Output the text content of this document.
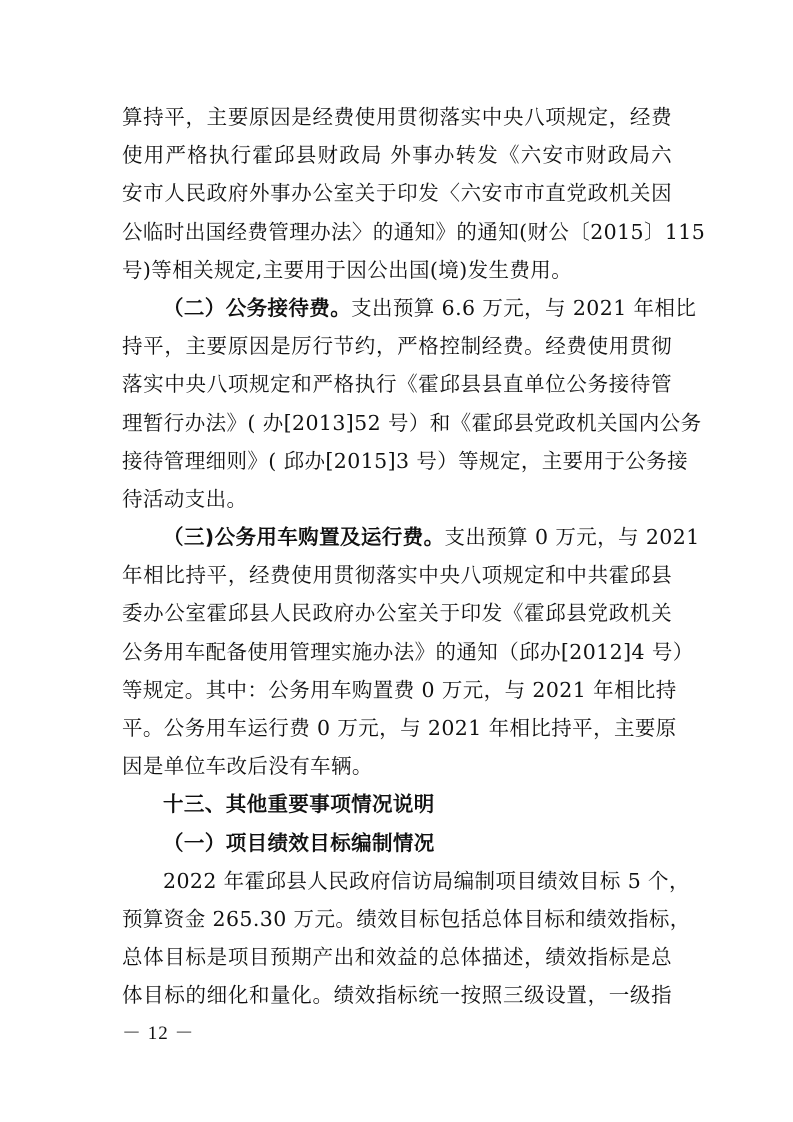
算持平，主要原因是经费使用贯彻落实中央八项规定，经费
使用严格执行霍邱县财政局 外事办转发《六安市财政局六
安市人民政府外事办公室关于印发〈六安市市直党政机关因
公临时出国经费管理办法〉的通知》的通知(财公〔2015〕115
号)等相关规定,主要用于因公出国(境)发生费用。
（二）公务接待费。支出预算 6.6 万元，与 2021 年相比
持平，主要原因是厉行节约，严格控制经费。经费使用贯彻
落实中央八项规定和严格执行《霍邱县县直单位公务接待管
理暂行办法》( 办[2013]52 号）和《霍邱县党政机关国内公务
接待管理细则》( 邱办[2015]3 号）等规定，主要用于公务接
待活动支出。
（三)公务用车购置及运行费。支出预算 0 万元，与 2021
年相比持平，经费使用贯彻落实中央八项规定和中共霍邱县
委办公室霍邱县人民政府办公室关于印发《霍邱县党政机关
公务用车配备使用管理实施办法》的通知（邱办[2012]4 号）
等规定。其中：公务用车购置费 0 万元，与 2021 年相比持
平。公务用车运行费 0 万元，与 2021 年相比持平，主要原
因是单位车改后没有车辆。
十三、其他重要事项情况说明
（一）项目绩效目标编制情况
2022 年霍邱县人民政府信访局编制项目绩效目标 5 个，
预算资金 265.30 万元。绩效目标包括总体目标和绩效指标，
总体目标是项目预期产出和效益的总体描述，绩效指标是总
体目标的细化和量化。绩效指标统一按照三级设置，一级指
－ 12 －
